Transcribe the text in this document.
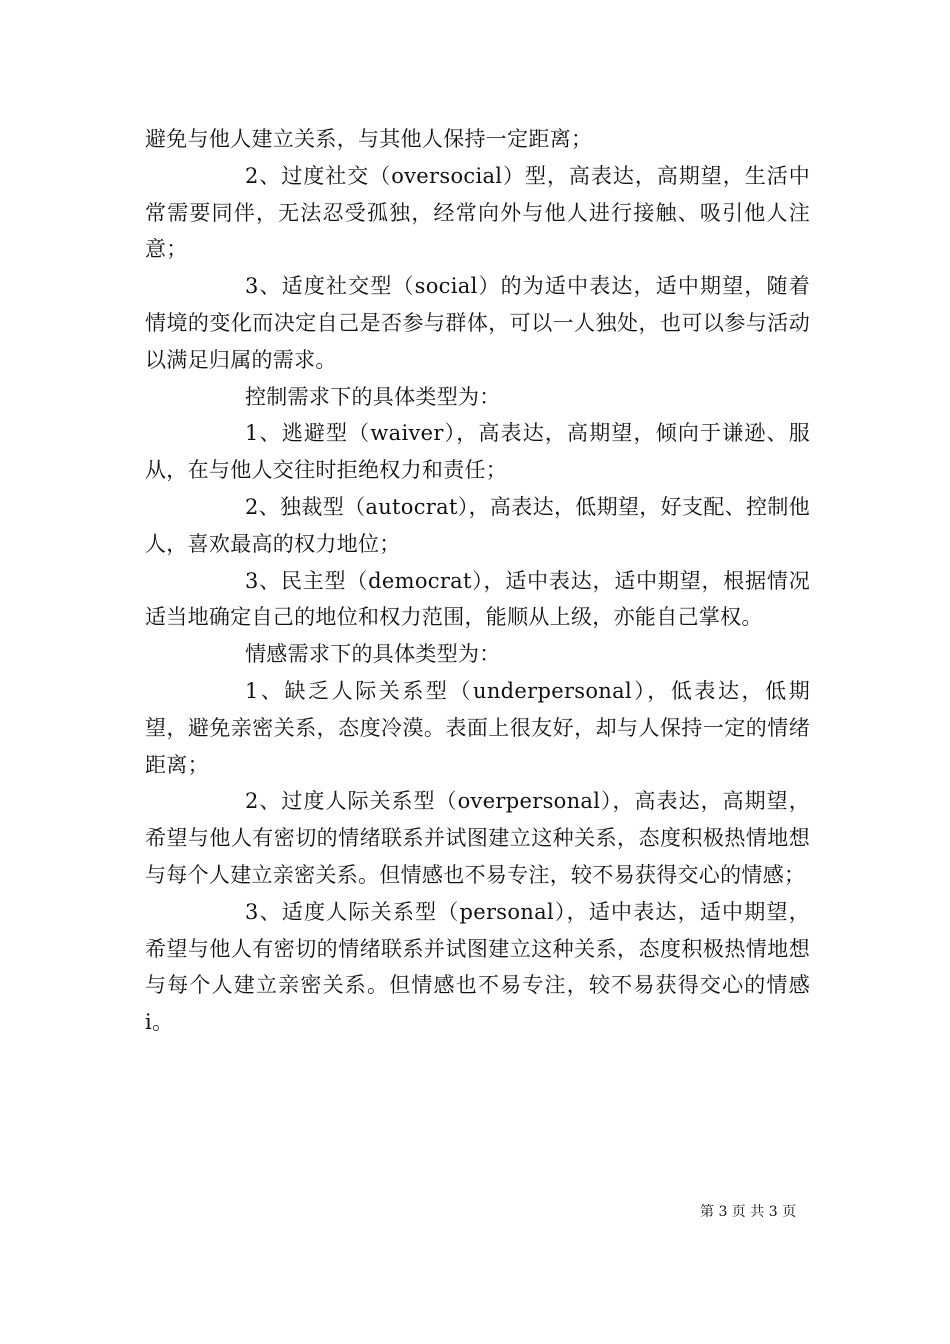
避免与他人建立关系，与其他人保持一定距离；

2、过度社交（oversocial）型，高表达，高期望，生活中常需要同伴，无法忍受孤独，经常向外与他人进行接触、吸引他人注意；

3、适度社交型（social）的为适中表达，适中期望，随着情境的变化而决定自己是否参与群体，可以一人独处，也可以参与活动以满足归属的需求。

控制需求下的具体类型为：

1、逃避型（waiver），高表达，高期望，倾向于谦逊、服从，在与他人交往时拒绝权力和责任；

2、独裁型（autocrat），高表达，低期望，好支配、控制他人，喜欢最高的权力地位；

3、民主型（democrat），适中表达，适中期望，根据情况适当地确定自己的地位和权力范围，能顺从上级，亦能自己掌权。

情感需求下的具体类型为：

1、缺乏人际关系型（underpersonal），低表达，低期望，避免亲密关系，态度冷漠。表面上很友好，却与人保持一定的情绪距离；

2、过度人际关系型（overpersonal），高表达，高期望，希望与他人有密切的情绪联系并试图建立这种关系，态度积极热情地想与每个人建立亲密关系。但情感也不易专注，较不易获得交心的情感；

3、适度人际关系型（personal），适中表达，适中期望，希望与他人有密切的情绪联系并试图建立这种关系，态度积极热情地想与每个人建立亲密关系。但情感也不易专注，较不易获得交心的情感i。

第 3 页 共 3 页
